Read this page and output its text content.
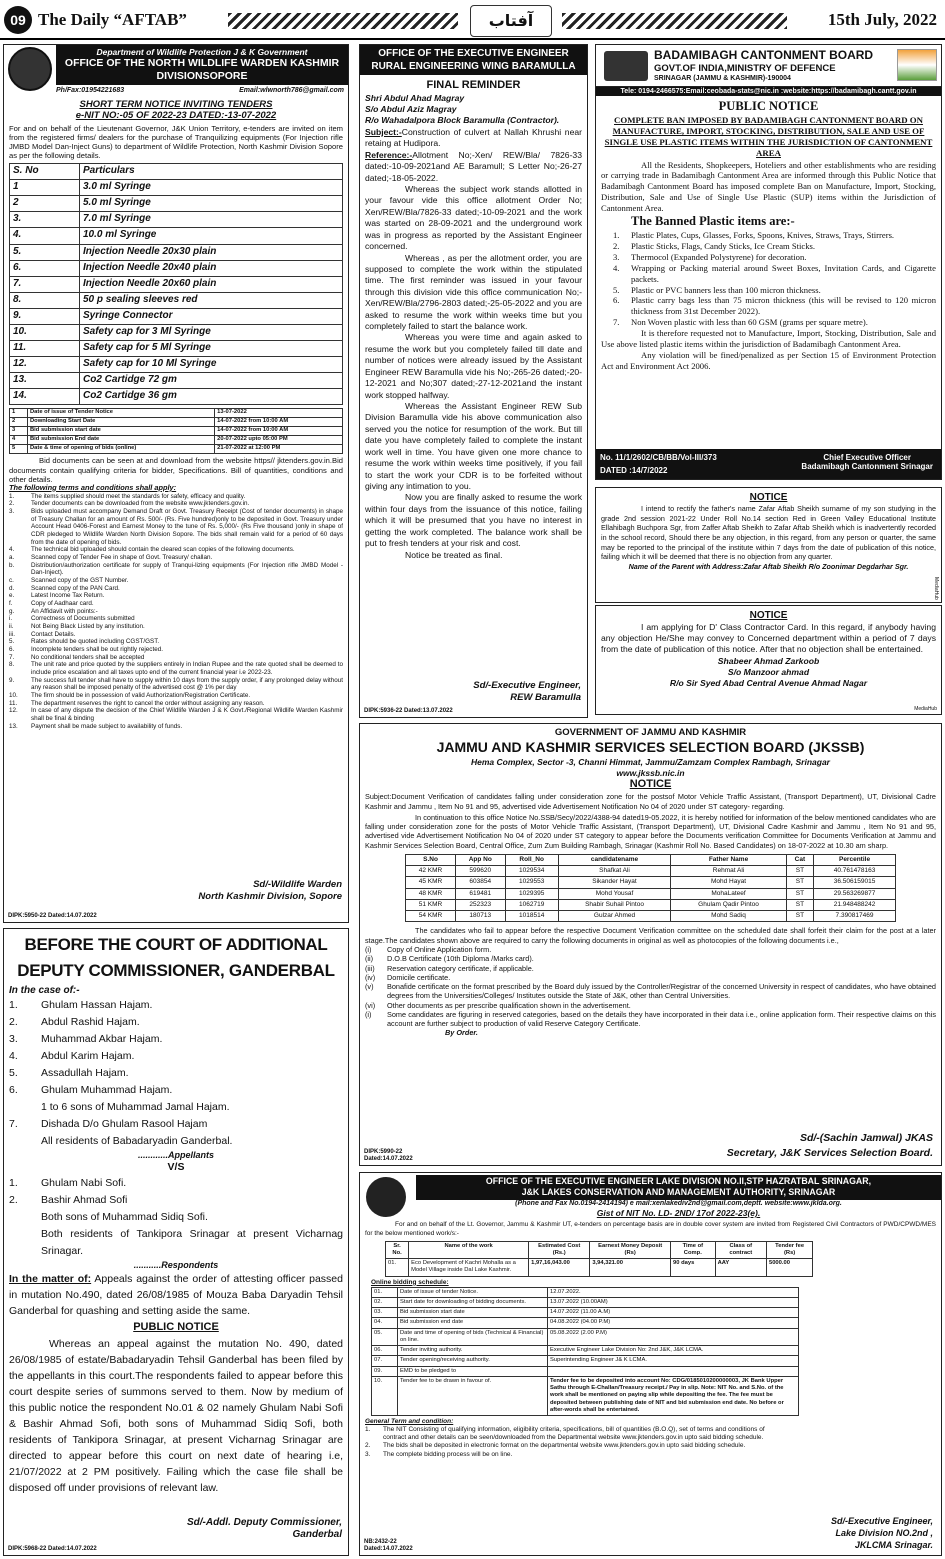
09 The Daily “AFTAB”	آفتاب	15th July, 2022
Department of Wildlife Protection J & K Government
OFFICE OF THE NORTH WILDLIFE WARDEN KASHMIR DIVISIONSOPORE
Ph/Fax:01954221683	Email:wlwnorth786@gmail.com
SHORT TERM NOTICE INVITING TENDERS
e-NIT NO:-05 OF 2022-23 DATED:-13-07-2022
For and on behalf of the Lieutenant Governor, J&K Union Territory, e-tenders are invited on item from the registered firms/ dealers for the purchase of Tranquilizing equipments (For Injection rifle JMBD Model Dan-Inject Guns) to department of Wildlife Protection, North Kashmir Division Sopore as per the following details.
S. No	Particulars
1	3.0 ml Syringe
2	5.0 ml Syringe
3.	7.0 ml Syringe
4.	10.0 ml Syringe
5.	Injection Needle 20x30 plain
6.	Injection Needle 20x40 plain
7.	Injection Needle 20x60 plain
8.	50 p sealing sleeves red
9.	Syringe Connector
10.	Safety cap for 3 Ml Syringe
11.	Safety cap for 5 Ml Syringe
12.	Safety cap for 10 Ml Syringe
13.	Co2 Cartidge 72 gm
14.	Co2 Cartidge 36 gm
1	Date of issue of Tender Notice	13-07-2022
2	Downloading Start Date	14-07-2022 from 10:00 AM
3	Bid submission start date	14-07-2022 from 10:00 AM
4	Bid submission End date	20-07-2022 upto 05:00 PM
5	Date & time of opening of bids (online)	21-07-2022 at 12:00 PM
Bid documents can be seen at and download from the website https// jktenders.gov.in.Bid documents contain qualifying criteria for bidder, Specifications. Bill of quantities, conditions and other details.
The following terms and conditions shall apply:
1.	The items supplied should meet the standards for safety, efficacy and quality.
2.	Tender documents can be downloaded from the website www.jktenders.gov.in.
3.	Bids uploaded must accompany Demand Draft or Govt. Treasury Receipt (Cost of tender documents) in shape of Treasury Challan for an amount of Rs. 500/- (Rs. Five hundred)only to be deposited in Govt. Treasury under Account Head 0406-Forest and Earnest Money to the tune of Rs. 5,000/- (Rs Five thousand )only in shape of CDR pledeged to Wildlife Warden North Division Sopore. The bids shall remain valid for a period of 60 days from the date of opening of bids.
4.	The technical bid uploaded should contain the cleared scan copies of the following documents.
a.	Scanned copy of Tender Fee in shape of Govt. Treasury/ challan.
b.	Distribution/authorization certificate for supply of Tranqui-lizing equipments (For Injection rifle JMBD Model -Dan-Inject).
c.	Scanned copy of the GST Number.
d.	Scanned copy of the PAN Card.
e.	Latest Income Tax Return.
f.	Copy of Aadhaar card.
g.	An Affidavit with points:-
i.	Correctness of Documents submitted
ii.	Not Being Black Listed by any institution.
iii.	Contact Details.
5.	Rates should be quoted including CGST/GST.
6.	Incomplete tenders shall be out rightly rejected.
7.	No conditional tenders shall be accepted
8.	The unit rate and price quoted by the suppliers entirely in Indian Rupee and the rate quoted shall be deemed to include price escalation and all taxes upto end of the current financial year i.e 2022-23.
9.	The success full tender shall have to supply within 10 days from the supply order, if any prolonged delay without any reason shall be imposed penalty of the advertised cost @ 1% per day
10.	The firm should be in possession of valid Authorization/Registration Certificate.
11.	The department reserves the right to cancel the order without assigning any reason.
12.	In case of any dispute the decision of the Chief Wildlife Warden J & K Govt./Regional Wildlife Warden Kashmir shall be final & binding
13.	Payment shall be made subject to availability of funds.
Sd/-Wildlife Warden
North Kashmir Division, Sopore
DIPK:5950-22 Dated:14.07.2022
BEFORE THE COURT OF ADDITIONAL DEPUTY COMMISSIONER, GANDERBAL
In the case of:-
1.	Ghulam Hassan Hajam.
2.	Abdul Rashid Hajam.
3.	Muhammad Akbar Hajam.
4.	Abdul Karim Hajam.
5.	Assadullah Hajam.
6.	Ghulam Muhammad Hajam.
1 to 6 sons of Muhammad Jamal Hajam.
7.	Dishada D/o Ghulam Rasool Hajam
All residents of Babadaryadin Ganderbal.
............Appellants
V/S
1.	Ghulam Nabi Sofi.
2.	Bashir Ahmad Sofi
Both sons of Muhammad Sidiq Sofi.
Both residents of Tankipora Srinagar at present Vicharnag Srinagar.
...........Respondents
In the matter of: Appeals against the order of attesting officer passed in mutation No.490, dated 26/08/1985 of Mouza Baba Daryadin Tehsil Ganderbal for quashing and setting aside the same.
PUBLIC NOTICE
Whereas an appeal against the mutation No. 490, dated 26/08/1985 of estate/Babadaryadin Tehsil Ganderbal has been filed by the appellants in this court.The respondents failed to appear before this court despite series of summons served to them. Now by medium of this public notice the respondent No.01 & 02 namely Ghulam Nabi Sofi & Bashir Ahmad Sofi, both sons of Muhammad Sidiq Sofi, both residents of Tankipora Srinagar, at present Vicharnag Srinagar are directed to appear before this court on next date of hearing i.e, 21/07/2022 at 2 PM positively. Failing which the case file shall be disposed off under provisions of relevant law.
Sd/-Addl. Deputy Commissioner,
Ganderbal
DIPK:5968-22 Dated:14.07.2022
OFFICE OF THE EXECUTIVE ENGINEER RURAL ENGINEERING WING BARAMULLA
FINAL REMINDER
Shri Abdul Ahad Magray
S/o Abdul Aziz Magray
R/o Wahadalpora Block Baramulla (Contractor).
Subject:-Construction of culvert at Nallah Khrushi near retaing at Hudipora.
Reference:-Allotment No;-Xen/ REW/Bla/ 7826-33 dated:-10-09-2021and AE Baramull; S Letter No;-26-27 dated;-18-05-2022.
Whereas the subject work stands allotted in your favour vide this office allotment Order No; Xen/REW/Bla/7826-33 dated;-10-09-2021 and the work was started on 28-09-2021 and the underground work was in progress as reported by the Assistant Engineer concerned.
Whereas , as per the allotment order, you are supposed to complete the work within the stipulated time. The first reminder was issued in your favour through this division vide this office communication No;-Xen/REW/Bla/2796-2803 dated;-25-05-2022 and you are asked to resume the work within weeks time but you completely failed to start the balance work.
Whereas you were time and again asked to resume the work but you completely failed till date and number of notices were already issued by the Assistant Engineer REW Baramulla vide his No;-265-26 dated;-20-12-2021 and No;307 dated;-27-12-2021and the instant work stopped halfway.
Whereas the Assistant Engineer REW Sub Division Baramulla vide his above communication also served you the notice for resumption of the work. But till date you have completely failed to complete the instant work well in time. You have given one more chance to resume the work within weeks time positively, if you fail to start the work your CDR is to be forfeited without giving any intimation to you.
Now you are finally asked to resume the work within four days from the issuance of this notice, failing which it will be presumed that you have no interest in getting the work completed. The balance work shall be put to fresh tenders at your risk and cost.
Notice be treated as final.
Sd/-Executive Engineer,
REW Baramulla
DIPK:5936-22 Dated:13.07.2022
BADAMIBAGH CANTONMENT BOARD
GOVT.OF INDIA,MINISTRY OF DEFENCE
SRINAGAR (JAMMU & KASHMIR)-190004
Tele: 0194-2466575:Email:ceobada-stats@nic.in :website:https://badamibagh.cantt.gov.in
PUBLIC NOTICE
COMPLETE BAN IMPOSED BY BADAMIBAGH CANTONMENT BOARD ON MANUFACTURE, IMPORT, STOCKING, DISTRIBUTION, SALE AND USE OF SINGLE USE PLASTIC ITEMS WITHIN THE JURISDICTION OF CANTONMENT AREA
All the Residents, Shopkeepers, Hoteliers and other establishments who are residing or carrying trade in Badamibagh Cantonment Area are informed through this Public Notice that Badamibagh Cantonment Board has imposed complete Ban on Manufacture, Import, Stocking, Distribution, Sale and Use of Single Use Plastic (SUP) items within the Jurisdiction of Cantonment Area.
The Banned Plastic items are:-
1.	Plastic Plates, Cups, Glasses, Forks, Spoons, Knives, Straws, Trays, Stirrers.
2.	Plastic Sticks, Flags, Candy Sticks, Ice Cream Sticks.
3.	Thermocol (Expanded Polystyrene) for decoration.
4.	Wrapping or Packing material around Sweet Boxes, Invitation Cards, and Cigarette packets.
5.	Plastic or PVC banners less than 100 micron thickness.
6.	Plastic carry bags less than 75 micron thickness (this will be revised to 120 micron thickness from 31st December 2022).
7.	Non Woven plastic with less than 60 GSM (grams per square metre).
It is therefore requested not to Manufacture, Import, Stocking, Distribution, Sale and Use above listed plastic items within the jurisdiction of Badamibagh Cantonment Area.
Any violation will be fined/penalized as per Section 15 of Environment Protection Act and Environment Act 2006.
No. 11/1/2602/CB/BB/Vol-III/373
DATED :14/7/2022
Chief Executive Officer
Badamibagh Cantonment Srinagar
NOTICE
I intend to rectify the father's name Zafar Aftab Sheikh surname of my son studying in the grade 2nd session 2021-22 Under Roll No.14 section Red in Green Valley Educational Institute Ellahibagh Buchpora Sgr, from Zaffer Aftab Sheikh to Zafar Aftab Sheikh which is inadvertently recorded in the school record, Should there be any objection, in this regard, from any person or quarter, the same may be reported to the principal of the institute within 7 days from the date of publication of this notice, failing which it will be deemed that there is no objection from any quarter.
Name of the Parent with Address:Zafar Aftab Sheikh R/o Zoonimar Degdarhar Sgr.
MediaHub
NOTICE
I am applying for D' Class Contractor Card. In this regard, if anybody having any objection He/She may convey to Concerned department within a period of 7 days from the date of publication of this notice. After that no objection shall be entertained.
Shabeer Ahmad Zarkoob
S/o Manzoor ahmad
R/o Sir Syed Abad Central Avenue Ahmad Nagar
MediaHub
GOVERNMENT OF JAMMU AND KASHMIR
JAMMU AND KASHMIR SERVICES SELECTION BOARD (JKSSB)
Hema Complex, Sector -3, Channi Himmat, Jammu/Zamzam Complex Rambagh, Srinagar
www.jkssb.nic.in
NOTICE
Subject:Document Verification of candidates falling under consideration zone for the postsof Motor Vehicle Traffic Assistant, (Transport Department), UT, Divisional Cadre Kashmir and Jammu , Item No 91 and 95, advertised vide Advertisement Notification No 04 of 2020 under ST category- regarding.
In continuation to this office Notice No.SSB/Secy/2022/4388-94 dated19-05.2022, it is hereby notified for information of the below mentioned candidates who are falling under consideration zone for the posts of Motor Vehicle Traffic Assistant, (Transport Department), UT, Divisional Cadre Kashmir and Jammu , Item No 91 and 95, advertised vide Advertisement Notification No 04 of 2020 under ST category to appear before the Documents verification Committee for Documents Verification at Jammu and Kashmir Services Selection Board, Central Office, Zum Zum Building Rambagh, Srinagar (Kashmir Roll No. Based Candidates) on 18-07-2022 at 10.30 am sharp.
S.No	App No	Roll_No	candidatename	Father Name	Cat	Percentile
42 KMR	599620	1029534	Shafkat Ali	Rehmat Ali	ST	40.761478163
45 KMR	603854	1029553	Sikander Hayat	Mohd Hayat	ST	36.506159015
48 KMR	619481	1029395	Mohd Yousaf	MohaLateef	ST	29.563269877
51 KMR	252323	1062719	Shabir Suhail Pintoo	Ghulam Qadir Pintoo	ST	21.948488242
54 KMR	180713	1018514	Gulzar Ahmed	Mohd Sadiq	ST	7.390817469
The candidates who fail to appear before the respective Document Verification committee on the scheduled date shall forfeit their claim for the post at a later stage.The candidates shown above are required to carry the following documents in original as well as photocopies of the following documents i.e.,
(i)	Copy of Online Application form.
(ii)	D.O.B Certificate (10th Diploma /Marks card).
(iii)	Reservation category certificate, if applicable.
(iv)	Domicile certificate.
(v)	Bonafide certificate on the format prescribed by the Board duly issued by the Controller/Registrar of the concerned University in respect of candidates, who have obtained degrees from the Universities/Colleges/ Institutes outside the State of J&K, other than Central Universities.
(vi)	Other documents as per prescribe qualification shown in the advertisement.
(i)	Some candidates are figuring in reserved categories, based on the details they have incorporated in their data i.e., online application form. Their respective claims on this account are further subject to production of valid Reserve Category Certificate.
By Order.
Sd/-(Sachin Jamwal) JKAS
Secretary, J&K Services Selection Board.
DIPK:5990-22
Dated:14.07.2022
OFFICE OF THE EXECUTIVE ENGINEER LAKE DIVISION NO.II,STP HAZRATBAL SRINAGAR,
J&K LAKES CONSERVATION AND MANAGEMENT AUTHORITY, SRINAGAR
(Phone and Fax No.0194-2414194) e mail:xenlakediv2nd@gmail.com,deptt. website:www.jklda.org.
Gist of NIT No. LD- 2ND/ 17of 2022-23(e).
For and on behalf of the Lt. Governor, Jammu & Kashmir UT, e-tenders on percentage basis are in double cover system are invited from Registered Civil Contractors of PWD/CPWD/MES for the below mentioned work/s:-
Sr. No.	Name of the work	Estimated Cost (Rs.)	Earnest Money Deposit (Rs)	Time of Comp.	Class of contract	Tender fee (Rs)
01.	Eco Development of Kachri Mohalla as a Model Village inside Dal Lake Kashmir.	1,97,16,043.00	3,94,321.00	90 days	AAY	5000.00
Online bidding schedule:
01.	Date of issue of tender Notice.	12.07.2022.
02.	Start date for downloading of bidding documents.	13.07.2022 (10.00AM)
03.	Bid submission start date	14.07.2022 (11.00 A.M)
04.	Bid submission end date	04.08.2022 (04.00 P.M)
05.	Date and time of opening of bids (Technical & Financial) on line.	05.08.2022 (2.00 P.M)
06.	Tender inviting authority.	Executive Engineer Lake Division No: 2nd J&K, J&K LCMA.
07.	Tender opening/receiving authority.	Superintending Engineer J& K LCMA.
09.	EMD to be pledged to	
10.	Tender fee to be drawn in favour of.	Tender fee to be deposited into account No: CDG/0185010200000003, JK Bank Upper Sathu through E-Challan/Treasury receipt./ Pay in slip. Note: NIT No. and S.No. of the work shall be mentioned on paying slip while depositing the fee. The fee must be deposited between publishing date of NIT and bid submission end date. No before or after-words shall be entertained.
General Term and condition:
1.	The NIT Consisting of qualifying information, eligibility criteria, specifications, bill of quantities (B.O.Q), set of terms and conditions of contract and other details can be seen/downloaded from the Departmental website www.jktenders.gov.in upto said bidding schedule.
2.	The bids shall be deposited in electronic format on the departmental website www.jktenders.gov.in upto said bidding schedule.
3.	The complete bidding process will be on line.
Sd/-Executive Engineer,
Lake Division NO.2nd ,
JKLCMA Srinagar.
NB:2432-22
Dated:14.07.2022
